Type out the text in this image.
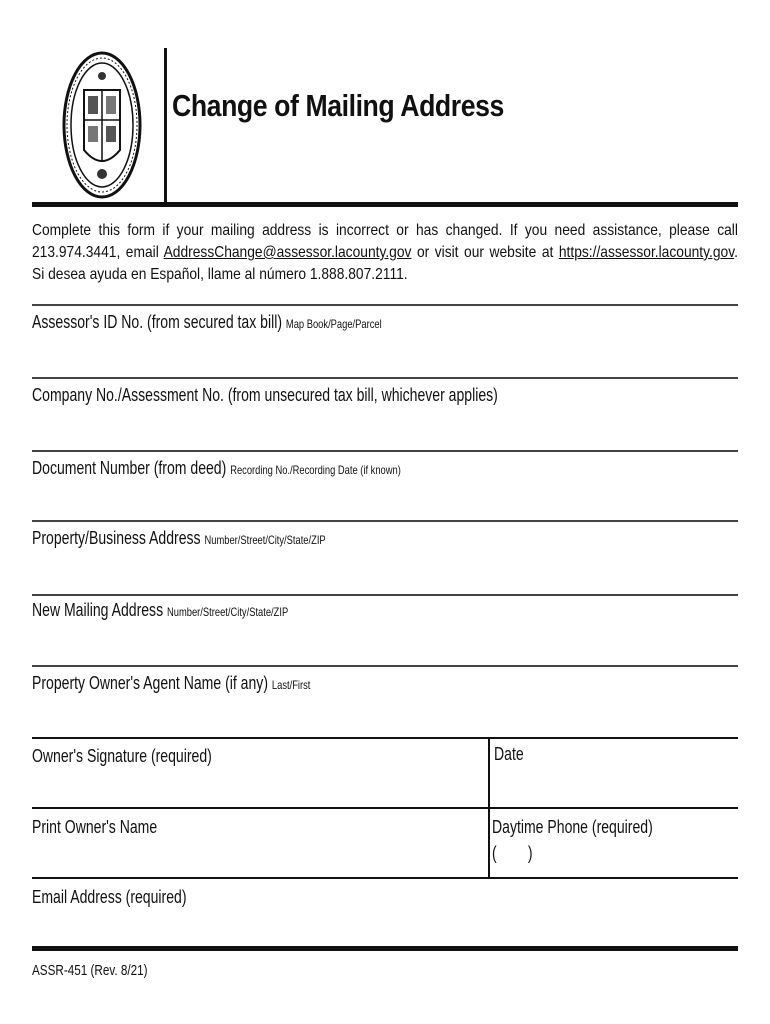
Change of Mailing Address
Complete this form if your mailing address is incorrect or has changed. If you need assistance, please call 213.974.3441, email AddressChange@assessor.lacounty.gov or visit our website at https://assessor.lacounty.gov. Si desea ayuda en Español, llame al número 1.888.807.2111.
Assessor's ID No. (from secured tax bill) Map Book/Page/Parcel
Company No./Assessment No. (from unsecured tax bill, whichever applies)
Document Number (from deed) Recording No./Recording Date (if known)
Property/Business Address Number/Street/City/State/ZIP
New Mailing Address Number/Street/City/State/ZIP
Property Owner's Agent Name (if any) Last/First
Owner's Signature (required)	Date
Print Owner's Name	Daytime Phone (required)
(        )
Email Address (required)
ASSR-451 (Rev. 8/21)
